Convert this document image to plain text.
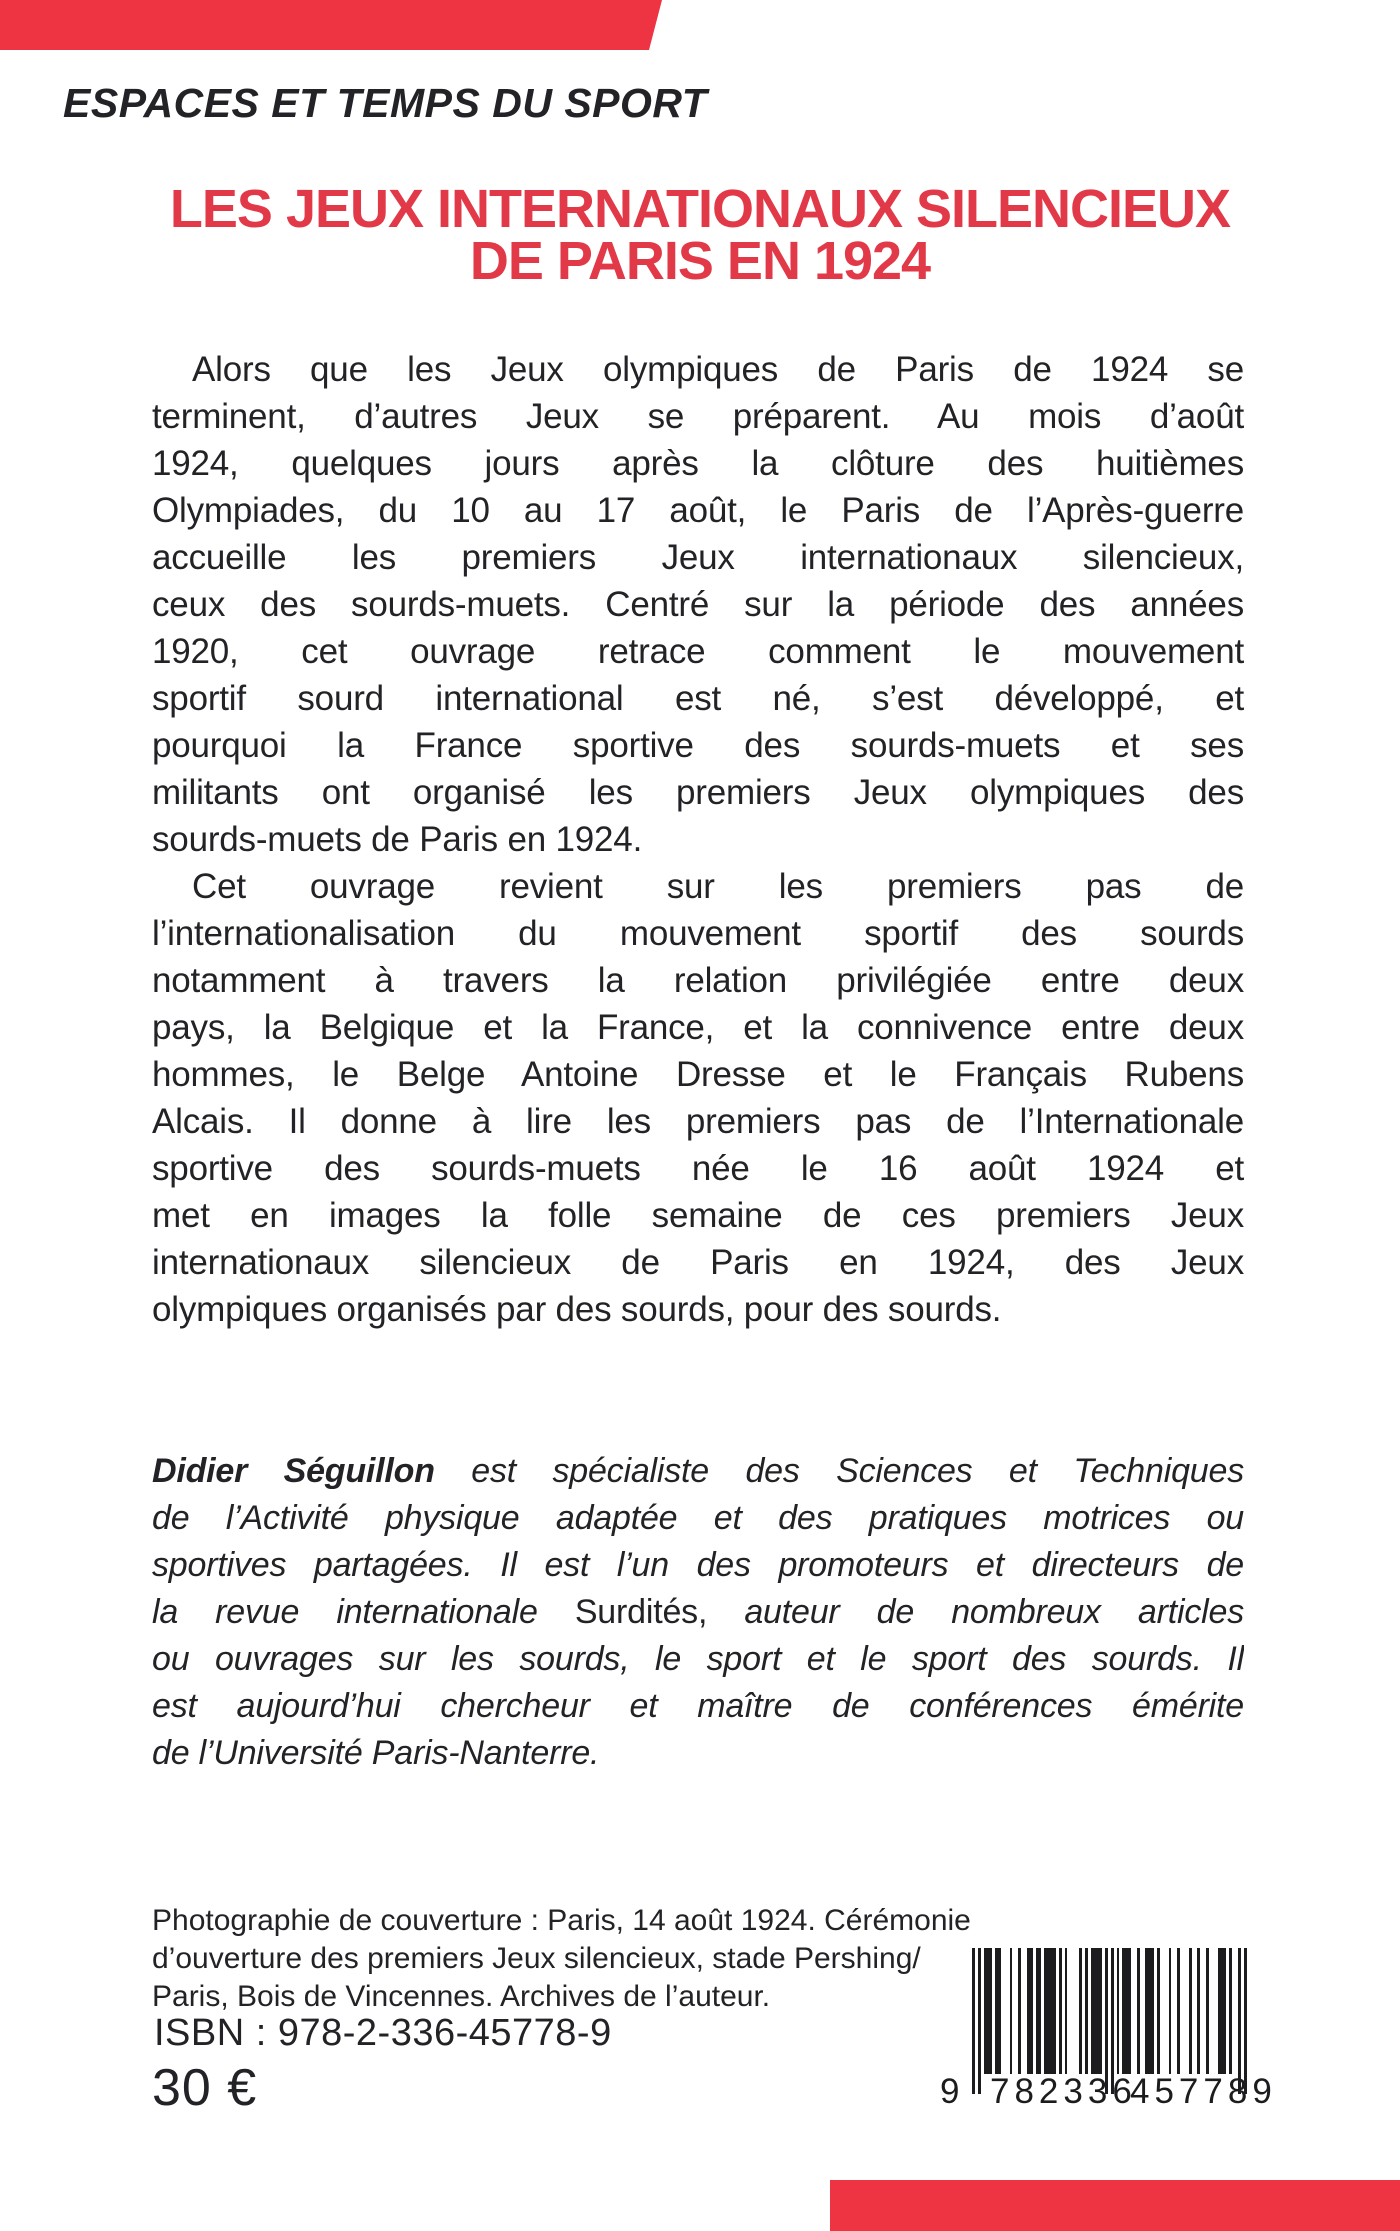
ESPACES ET TEMPS DU SPORT
LES JEUX INTERNATIONAUX SILENCIEUX
DE PARIS EN 1924
Alors que les Jeux olympiques de Paris de 1924 se
terminent, d’autres Jeux se préparent. Au mois d’août
1924, quelques jours après la clôture des huitièmes
Olympiades, du 10 au 17 août, le Paris de l’Après-guerre
accueille les premiers Jeux internationaux silencieux,
ceux des sourds-muets. Centré sur la période des années
1920, cet ouvrage retrace comment le mouvement
sportif sourd international est né, s’est développé, et
pourquoi la France sportive des sourds-muets et ses
militants ont organisé les premiers Jeux olympiques des
sourds-muets de Paris en 1924.
Cet ouvrage revient sur les premiers pas de
l’internationalisation du mouvement sportif des sourds
notamment à travers la relation privilégiée entre deux
pays, la Belgique et la France, et la connivence entre deux
hommes, le Belge Antoine Dresse et le Français Rubens
Alcais. Il donne à lire les premiers pas de l’Internationale
sportive des sourds-muets née le 16 août 1924 et
met en images la folle semaine de ces premiers Jeux
internationaux silencieux de Paris en 1924, des Jeux
olympiques organisés par des sourds, pour des sourds.
Didier Séguillon est spécialiste des Sciences et Techniques
de l’Activité physique adaptée et des pratiques motrices ou
sportives partagées. Il est l’un des promoteurs et directeurs de
la revue internationale Surdités, auteur de nombreux articles
ou ouvrages sur les sourds, le sport et le sport des sourds. Il
est aujourd’hui chercheur et maître de conférences émérite
de l’Université Paris-Nanterre.
Photographie de couverture : Paris, 14 août 1924. Cérémonie
d’ouverture des premiers Jeux silencieux, stade Pershing/
Paris, Bois de Vincennes. Archives de l’auteur.
ISBN : 978-2-336-45778-9
30 €	9 782336
457789
